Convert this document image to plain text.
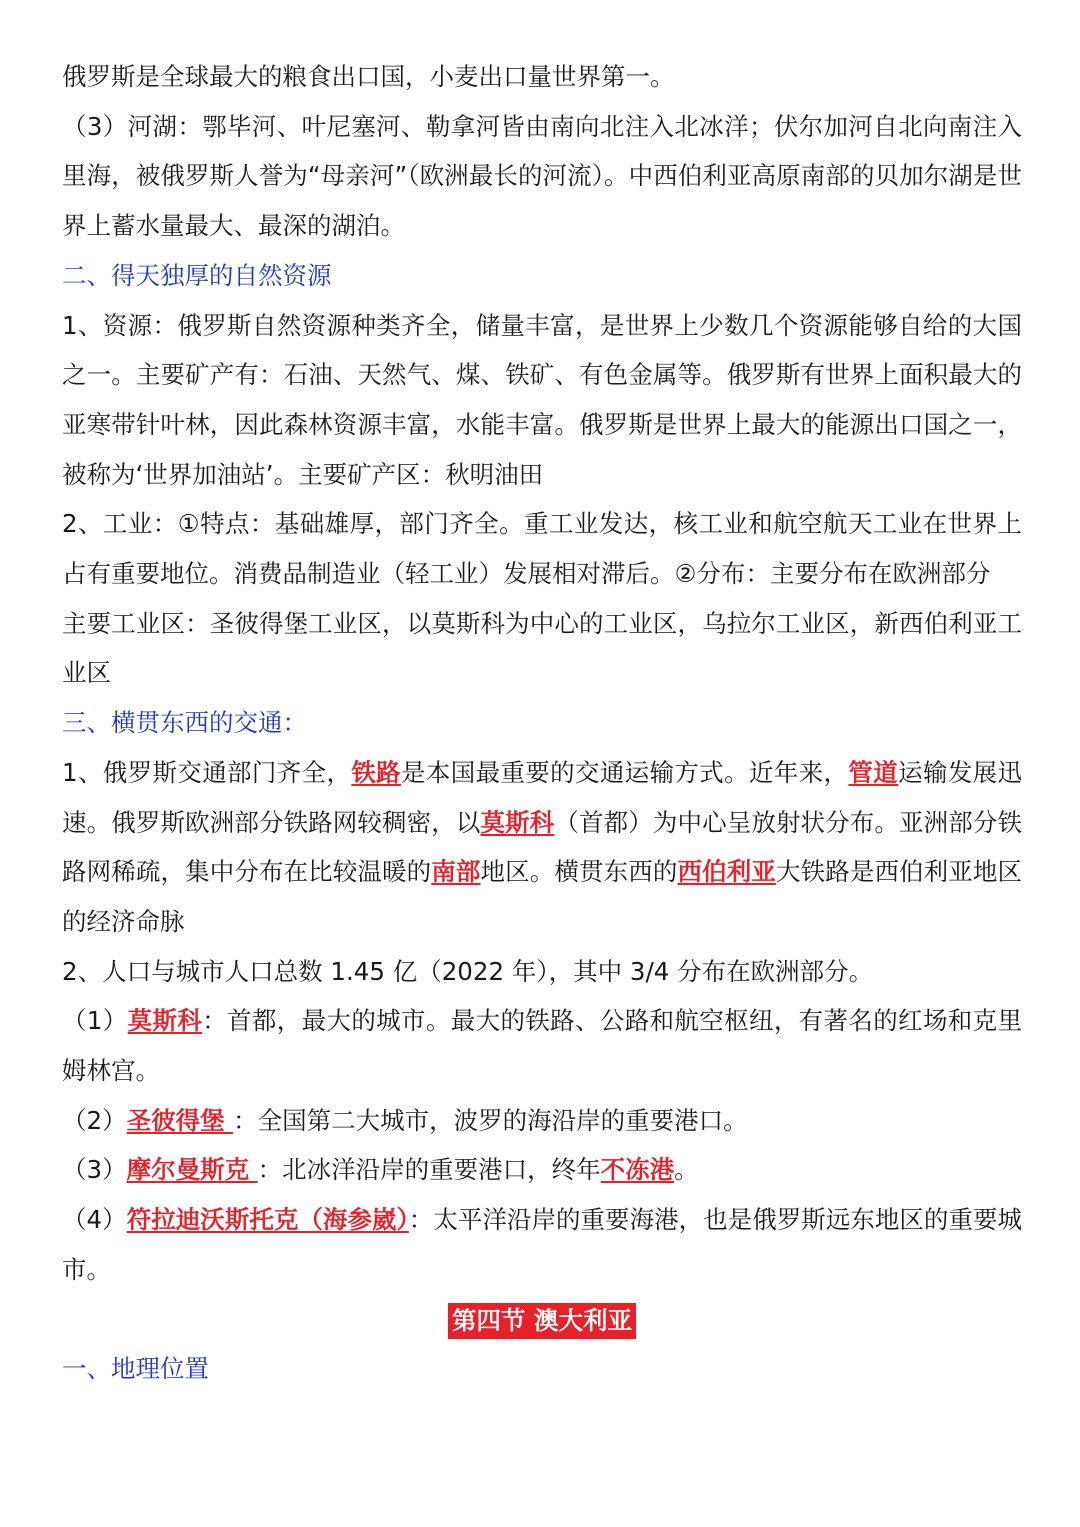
俄罗斯是全球最大的粮食出口国，小麦出口量世界第一。

（3）河湖：鄂毕河、叶尼塞河、勒拿河皆由南向北注入北冰洋；伏尔加河自北向南注入里海，被俄罗斯人誉为“母亲河”（欧洲最长的河流）。中西伯利亚高原南部的贝加尔湖是世界上蓄水量最大、最深的湖泊。

二、得天独厚的自然资源

1、资源：俄罗斯自然资源种类齐全，储量丰富，是世界上少数几个资源能够自给的大国之一。主要矿产有：石油、天然气、煤、铁矿、有色金属等。俄罗斯有世界上面积最大的亚寒带针叶林，因此森林资源丰富，水能丰富。俄罗斯是世界上最大的能源出口国之一，被称为‘世界加油站’。主要矿产区：秋明油田

2、工业：①特点：基础雄厚，部门齐全。重工业发达，核工业和航空航天工业在世界上占有重要地位。消费品制造业（轻工业）发展相对滞后。②分布：主要分布在欧洲部分

主要工业区：圣彼得堡工业区，以莫斯科为中心的工业区，乌拉尔工业区，新西伯利亚工业区

三、横贯东西的交通：

1、俄罗斯交通部门齐全，铁路是本国最重要的交通运输方式。近年来，管道运输发展迅速。俄罗斯欧洲部分铁路网较稠密，以莫斯科（首都）为中心呈放射状分布。亚洲部分铁路网稀疏，集中分布在比较温暖的南部地区。横贯东西的西伯利亚大铁路是西伯利亚地区的经济命脉

2、人口与城市人口总数 1.45 亿（2022 年），其中 3/4 分布在欧洲部分。

（1）莫斯科：首都，最大的城市。最大的铁路、公路和航空枢纽，有著名的红场和克里姆林宫。

（2）圣彼得堡 ：全国第二大城市，波罗的海沿岸的重要港口。

（3）摩尔曼斯克 ：北冰洋沿岸的重要港口，终年不冻港。

（4）符拉迪沃斯托克（海参崴）：太平洋沿岸的重要海港，也是俄罗斯远东地区的重要城市。

第四节 澳大利亚

一、地理位置
